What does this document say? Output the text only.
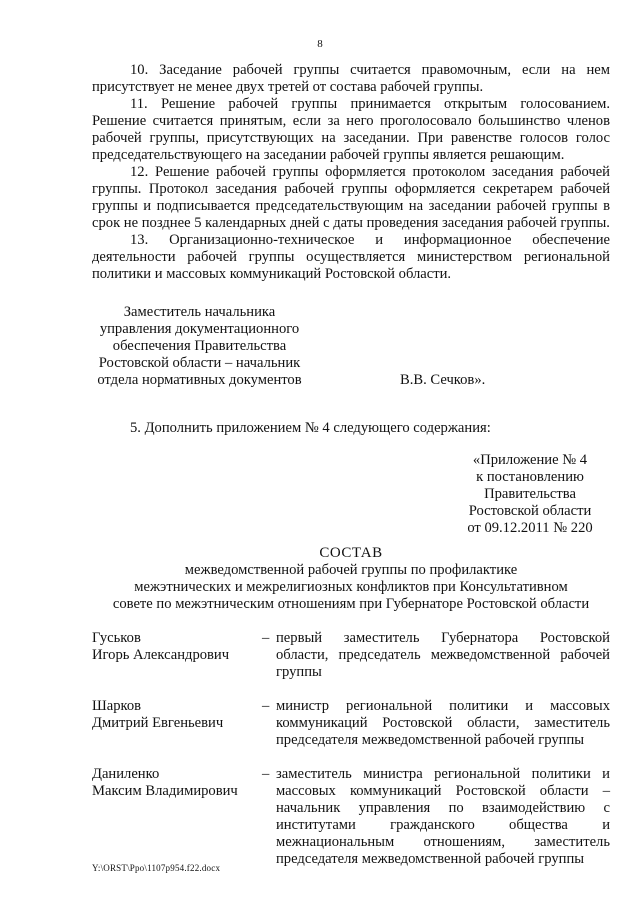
8

10. Заседание рабочей группы считается правомочным, если на нем присутствует не менее двух третей от состава рабочей группы.

11. Решение рабочей группы принимается открытым голосованием. Решение считается принятым, если за него проголосовало большинство членов рабочей группы, присутствующих на заседании. При равенстве голосов голос председательствующего на заседании рабочей группы является решающим.

12. Решение рабочей группы оформляется протоколом заседания рабочей группы. Протокол заседания рабочей группы оформляется секретарем рабочей группы и подписывается председательствующим на заседании рабочей группы в срок не позднее 5 календарных дней с даты проведения заседания рабочей группы.

13. Организационно-техническое и информационное обеспечение деятельности рабочей группы осуществляется министерством региональной политики и массовых коммуникаций Ростовской области.

Заместитель начальника
управления документационного
обеспечения Правительства
Ростовской области – начальник
отдела нормативных документов	В.В. Сечков».
5. Дополнить приложением № 4 следующего содержания:
«Приложение № 4
к постановлению
Правительства
Ростовской области
от 09.12.2011 № 220
СОСТАВ
межведомственной рабочей группы по профилактике
межэтнических и межрелигиозных конфликтов при Консультативном
совете по межэтническим отношениям при Губернаторе Ростовской области
Гуськов
Игорь Александрович
– первый заместитель Губернатора Ростовской области, председатель межведомственной рабочей группы
Шарков
Дмитрий Евгеньевич
– министр региональной политики и массовых коммуникаций Ростовской области, заместитель председателя межведомственной рабочей группы
Даниленко
Максим Владимирович
– заместитель министра региональной политики и массовых коммуникаций Ростовской области – начальник управления по взаимодействию с институтами гражданского общества и межнациональным отношениям, заместитель председателя межведомственной рабочей группы
Y:\ORST\Ppo\1107p954.f22.docx
